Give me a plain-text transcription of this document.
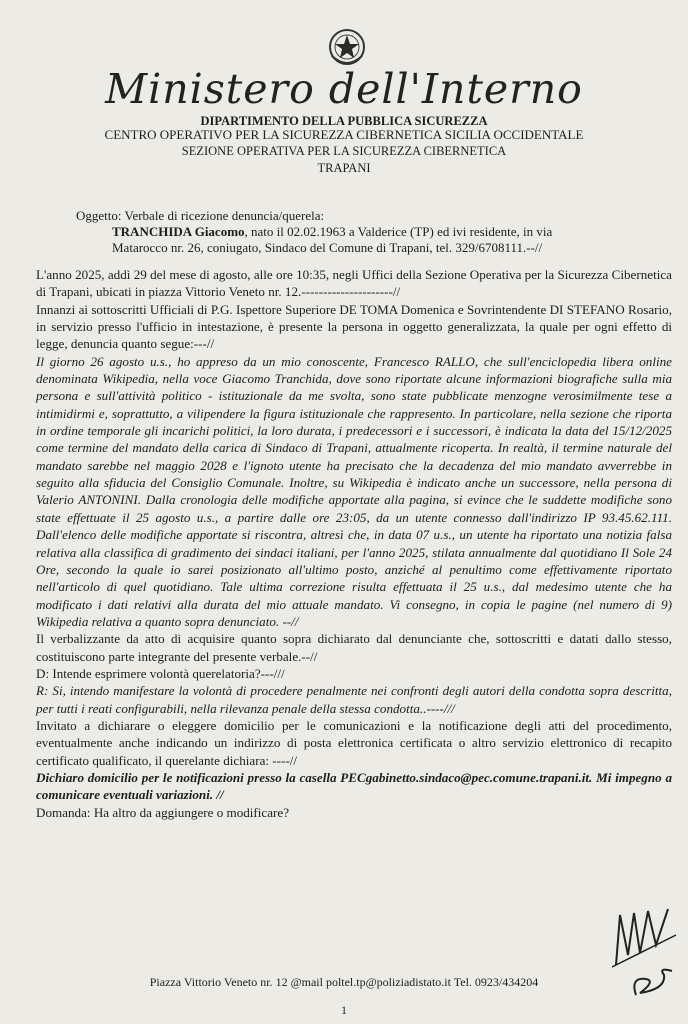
Ministero dell'Interno
DIPARTIMENTO DELLA PUBBLICA SICUREZZA
CENTRO OPERATIVO PER LA SICUREZZA CIBERNETICA SICILIA OCCIDENTALE
SEZIONE OPERATIVA PER LA SICUREZZA CIBERNETICA
TRAPANI
Oggetto: Verbale di ricezione denuncia/querela:
TRANCHIDA Giacomo, nato il 02.02.1963 a Valderice (TP) ed ivi residente, in via
Matarocco nr. 26, coniugato, Sindaco del Comune di Trapani, tel. 329/6708111.--//

L'anno 2025, addì 29 del mese di agosto, alle ore 10:35, negli Uffici della Sezione Operativa per la Sicurezza Cibernetica di Trapani, ubicati in piazza Vittorio Veneto nr. 12.---------------------//

Innanzi ai sottoscritti Ufficiali di P.G. Ispettore Superiore DE TOMA Domenica e Sovrintendente DI STEFANO Rosario, in servizio presso l'ufficio in intestazione, è presente la persona in oggetto generalizzata, la quale per ogni effetto di legge, denuncia quanto segue:---//

Il giorno 26 agosto u.s., ho appreso da un mio conoscente, Francesco RALLO, che sull'enciclopedia libera online denominata Wikipedia, nella voce Giacomo Tranchida, dove sono riportate alcune informazioni biografiche sulla mia persona e sull'attività politico - istituzionale da me svolta, sono state pubblicate menzogne verosimilmente tese a intimidirmi e, soprattutto, a vilipendere la figura istituzionale che rappresento. In particolare, nella sezione che riporta in ordine temporale gli incarichi politici, la loro durata, i predecessori e i successori, è indicata la data del 15/12/2025 come termine del mandato della carica di Sindaco di Trapani, attualmente ricoperta. In realtà, il termine naturale del mandato sarebbe nel maggio 2028 e l'ignoto utente ha precisato che la decadenza del mio mandato avverrebbe in seguito alla sfiducia del Consiglio Comunale. Inoltre, su Wikipedia è indicato anche un successore, nella persona di Valerio ANTONINI. Dalla cronologia delle modifiche apportate alla pagina, si evince che le suddette modifiche sono state effettuate il 25 agosto u.s., a partire dalle ore 23:05, da un utente connesso dall'indirizzo IP 93.45.62.111. Dall'elenco delle modifiche apportate si riscontra, altresì che, in data 07 u.s., un utente ha riportato una notizia falsa relativa alla classifica di gradimento dei sindaci italiani, per l'anno 2025, stilata annualmente dal quotidiano Il Sole 24 Ore, secondo la quale io sarei posizionato all'ultimo posto, anziché al penultimo come effettivamente riportato nell'articolo di quel quotidiano. Tale ultima correzione risulta effettuata il 25 u.s., dal medesimo utente che ha modificato i dati relativi alla durata del mio attuale mandato. Vi consegno, in copia le pagine (nel numero di 9) Wikipedia relativa a quanto sopra denunciato. --//

Il verbalizzante da atto di acquisire quanto sopra dichiarato dal denunciante che, sottoscritti e datati dallo stesso, costituiscono parte integrante del presente verbale.--//

D: Intende esprimere volontà querelatoria?---///

R: Si, intendo manifestare la volontà di procedere penalmente nei confronti degli autori della condotta sopra descritta, per tutti i reati configurabili, nella rilevanza penale della stessa condotta..----///

Invitato a dichiarare o eleggere domicilio per le comunicazioni e la notificazione degli atti del procedimento, eventualmente anche indicando un indirizzo di posta elettronica certificata o altro servizio elettronico di recapito certificato qualificato, il querelante dichiara: ----//

Dichiaro domicilio per le notificazioni presso la casella PECgabinetto.sindaco@pec.comune.trapani.it. Mi impegno a comunicare eventuali variazioni. //

Domanda: Ha altro da aggiungere o modificare?

Piazza Vittorio Veneto nr. 12 @mail poltel.tp@poliziadistato.it Tel. 0923/434204
1
